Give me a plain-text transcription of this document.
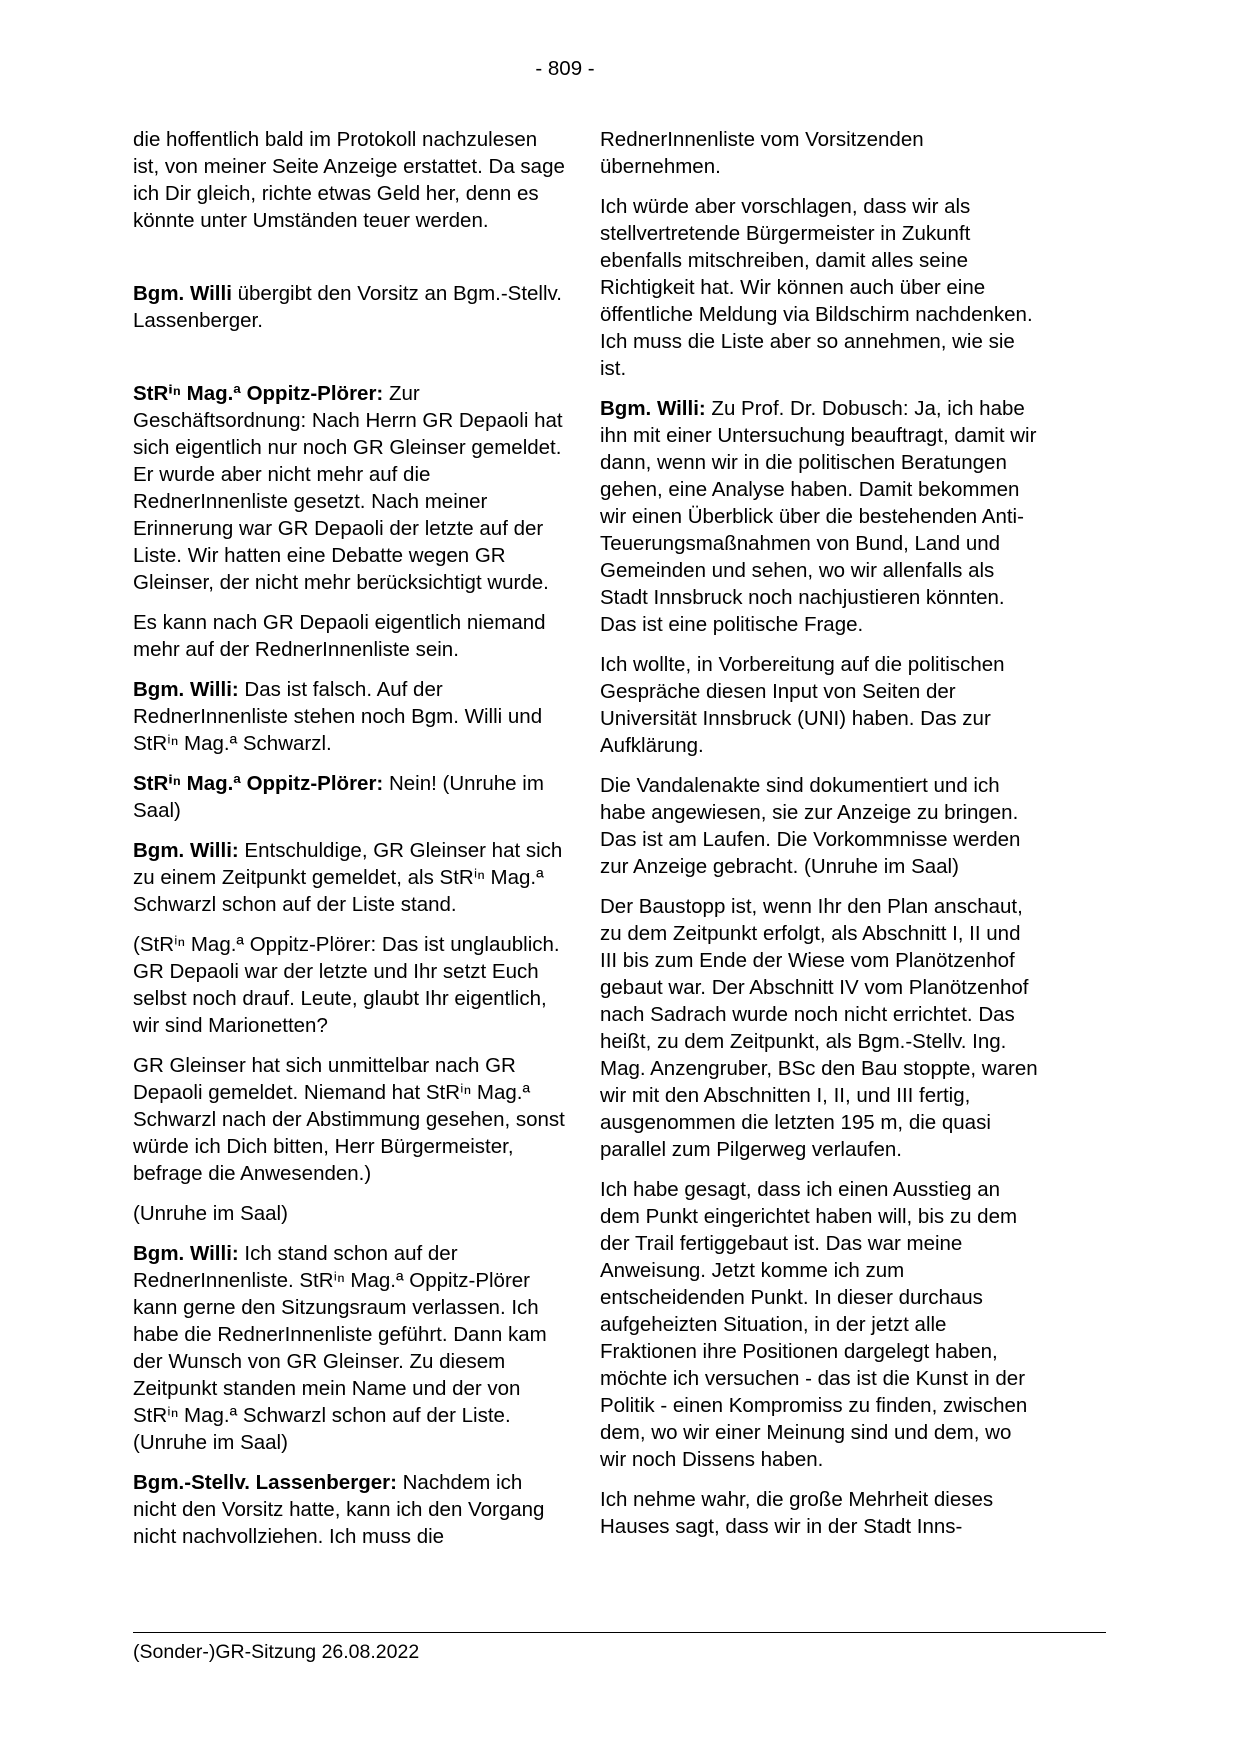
- 809 -

die hoffentlich bald im Protokoll nachzulesen ist, von meiner Seite Anzeige erstattet. Da sage ich Dir gleich, richte etwas Geld her, denn es könnte unter Umständen teuer werden.

Bgm. Willi übergibt den Vorsitz an Bgm.-Stellv. Lassenberger.

StRⁱⁿ Mag.ª Oppitz-Plörer: Zur Geschäftsordnung: Nach Herrn GR Depaoli hat sich eigentlich nur noch GR Gleinser gemeldet. Er wurde aber nicht mehr auf die RednerInnenliste gesetzt. Nach meiner Erinnerung war GR Depaoli der letzte auf der Liste. Wir hatten eine Debatte wegen GR Gleinser, der nicht mehr berücksichtigt wurde.

Es kann nach GR Depaoli eigentlich niemand mehr auf der RednerInnenliste sein.

Bgm. Willi: Das ist falsch. Auf der RednerInnenliste stehen noch Bgm. Willi und StRⁱⁿ Mag.ª Schwarzl.

StRⁱⁿ Mag.ª Oppitz-Plörer: Nein! (Unruhe im Saal)

Bgm. Willi: Entschuldige, GR Gleinser hat sich zu einem Zeitpunkt gemeldet, als StRⁱⁿ Mag.ª Schwarzl schon auf der Liste stand.

(StRⁱⁿ Mag.ª Oppitz-Plörer: Das ist unglaublich. GR Depaoli war der letzte und Ihr setzt Euch selbst noch drauf. Leute, glaubt Ihr eigentlich, wir sind Marionetten?

GR Gleinser hat sich unmittelbar nach GR Depaoli gemeldet. Niemand hat StRⁱⁿ Mag.ª Schwarzl nach der Abstimmung gesehen, sonst würde ich Dich bitten, Herr Bürgermeister, befrage die Anwesenden.)

(Unruhe im Saal)

Bgm. Willi: Ich stand schon auf der RednerInnenliste. StRⁱⁿ Mag.ª Oppitz-Plörer kann gerne den Sitzungsraum verlassen. Ich habe die RednerInnenliste geführt. Dann kam der Wunsch von GR Gleinser. Zu diesem Zeitpunkt standen mein Name und der von StRⁱⁿ Mag.ª Schwarzl schon auf der Liste. (Unruhe im Saal)

Bgm.-Stellv. Lassenberger: Nachdem ich nicht den Vorsitz hatte, kann ich den Vorgang nicht nachvollziehen. Ich muss die

RednerInnenliste vom Vorsitzenden übernehmen.

Ich würde aber vorschlagen, dass wir als stellvertretende Bürgermeister in Zukunft ebenfalls mitschreiben, damit alles seine Richtigkeit hat. Wir können auch über eine öffentliche Meldung via Bildschirm nachdenken. Ich muss die Liste aber so annehmen, wie sie ist.

Bgm. Willi: Zu Prof. Dr. Dobusch: Ja, ich habe ihn mit einer Untersuchung beauftragt, damit wir dann, wenn wir in die politischen Beratungen gehen, eine Analyse haben. Damit bekommen wir einen Überblick über die bestehenden Anti-Teuerungsmaßnahmen von Bund, Land und Gemeinden und sehen, wo wir allenfalls als Stadt Innsbruck noch nachjustieren könnten. Das ist eine politische Frage.

Ich wollte, in Vorbereitung auf die politischen Gespräche diesen Input von Seiten der Universität Innsbruck (UNI) haben. Das zur Aufklärung.

Die Vandalenakte sind dokumentiert und ich habe angewiesen, sie zur Anzeige zu bringen. Das ist am Laufen. Die Vorkommnisse werden zur Anzeige gebracht. (Unruhe im Saal)

Der Baustopp ist, wenn Ihr den Plan anschaut, zu dem Zeitpunkt erfolgt, als Abschnitt I, II und III bis zum Ende der Wiese vom Planötzenhof gebaut war. Der Abschnitt IV vom Planötzenhof nach Sadrach wurde noch nicht errichtet. Das heißt, zu dem Zeitpunkt, als Bgm.-Stellv. Ing. Mag. Anzengruber, BSc den Bau stoppte, waren wir mit den Abschnitten I, II, und III fertig, ausgenommen die letzten 195 m, die quasi parallel zum Pilgerweg verlaufen.

Ich habe gesagt, dass ich einen Ausstieg an dem Punkt eingerichtet haben will, bis zu dem der Trail fertiggebaut ist. Das war meine Anweisung. Jetzt komme ich zum entscheidenden Punkt. In dieser durchaus aufgeheizten Situation, in der jetzt alle Fraktionen ihre Positionen dargelegt haben, möchte ich versuchen - das ist die Kunst in der Politik - einen Kompromiss zu finden, zwischen dem, wo wir einer Meinung sind und dem, wo wir noch Dissens haben.

Ich nehme wahr, die große Mehrheit dieses Hauses sagt, dass wir in der Stadt Inns-

(Sonder-)GR-Sitzung 26.08.2022
